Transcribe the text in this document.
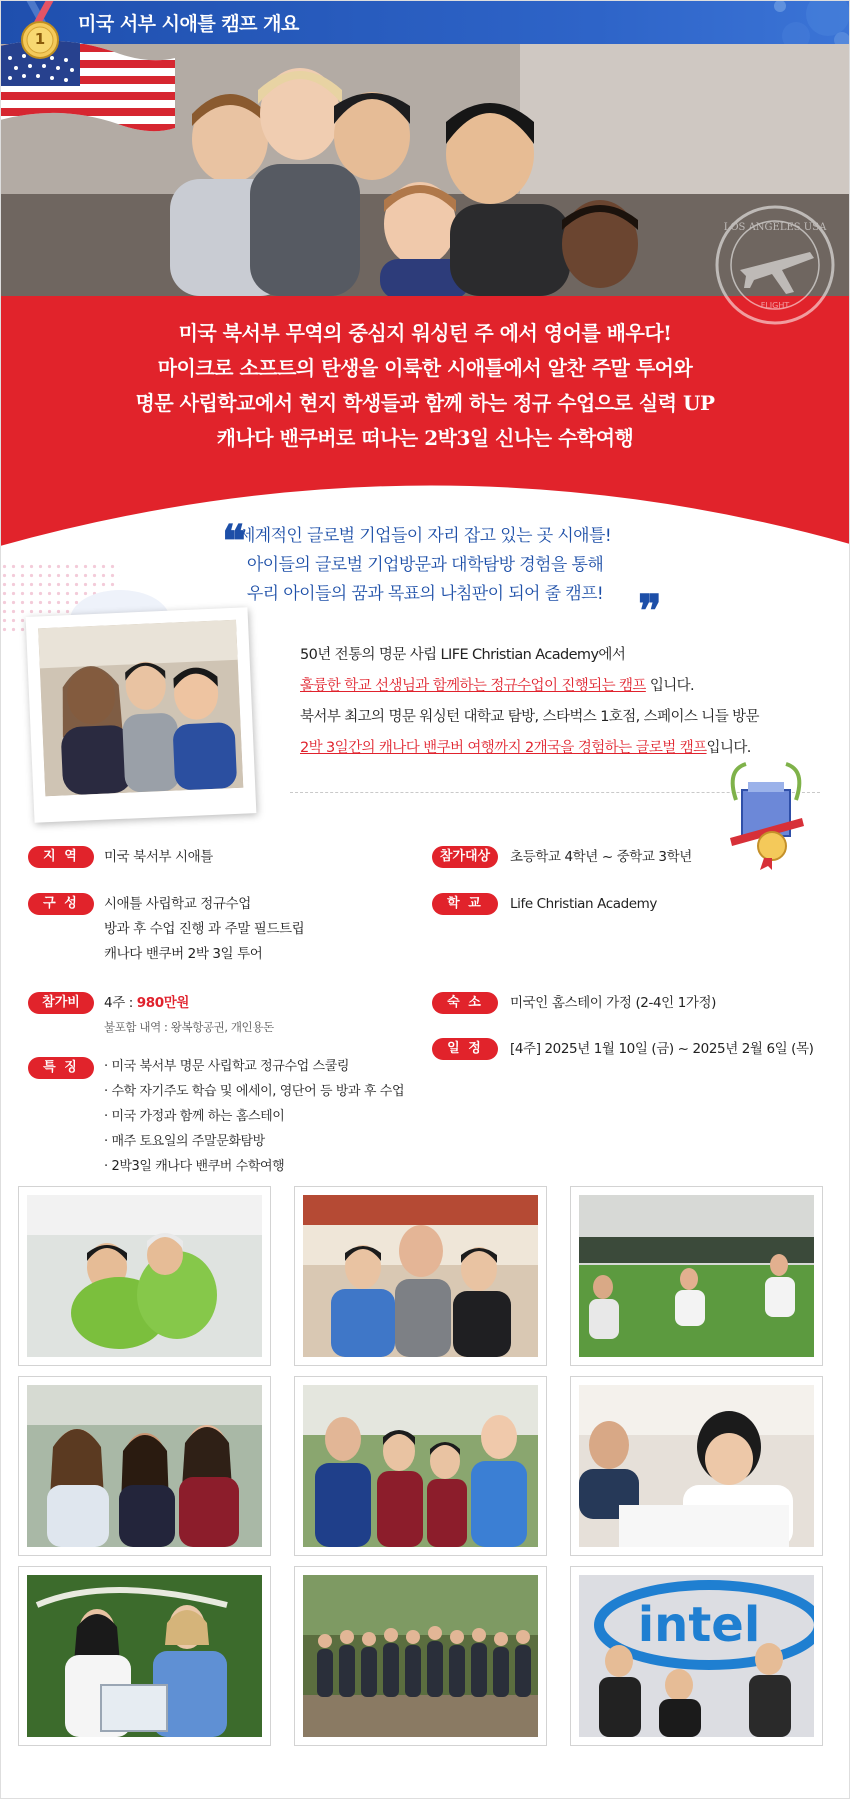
미국 서부 시애틀 캠프 개요
1
미국 북서부 무역의 중심지 워싱턴 주 에서 영어를 배우다!
마이크로 소프트의 탄생을 이룩한 시애틀에서 알찬 주말 투어와
명문 사립학교에서 현지 학생들과 함께 하는 정규 수업으로 실력 UP
캐나다 밴쿠버로 떠나는 2박3일 신나는 수학여행
LOS ANGELES USA
FLIGHT
❝
❞
세계적인 글로벌 기업들이 자리 잡고 있는 곳 시애틀!
아이들의 글로벌 기업방문과 대학탐방 경험을 통해
우리 아이들의 꿈과 목표의 나침판이 되어 줄 캠프!
50년 전통의 명문 사립 LIFE Christian Academy에서
훌륭한 학교 선생님과 함께하는 정규수업이 진행되는 캠프 입니다.
북서부 최고의 명문 워싱턴 대학교 탐방, 스타벅스 1호점, 스페이스 니들 방문
2박 3일간의 캐나다 밴쿠버 여행까지 2개국을 경험하는 글로벌 캠프입니다.
지 역	미국 북서부 시애틀	참가대상	초등학교 4학년 ~ 중학교 3학년
구 성	시애틀 사립학교 정규수업
방과 후 수업 진행 과 주말 필드트립
캐나다 밴쿠버 2박 3일 투어
학 교	Life Christian Academy
참가비	4주 : 980만원
불포함 내역 : 왕복항공권, 개인용돈
숙 소	미국인 홈스테이 가정 (2-4인 1가정)
일 정	[4주] 2025년 1월 10일 (금) ~ 2025년 2월 6일 (목)
특 징	· 미국 북서부 명문 사립학교 정규수업 스쿨링
· 수학 자기주도 학습 및 에세이, 영단어 등 방과 후 수업
· 미국 가정과 함께 하는 홈스테이
· 매주 토요일의 주말문화탐방
· 2박3일 캐나다 밴쿠버 수학여행
intel
